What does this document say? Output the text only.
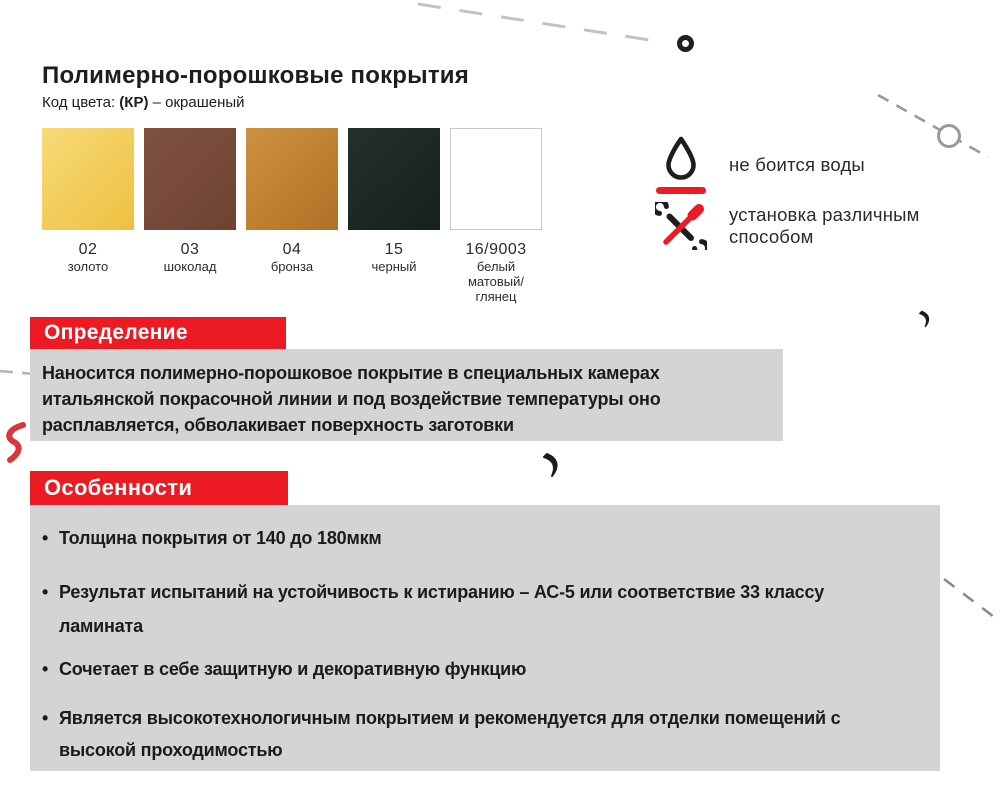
Полимерно-порошковые покрытия

Код цвета: (КР) – окрашеный

02
золото
03
шоколад
04
бронза
15
черный
16/9003
белый
матовый/глянец
не боится воды
установка различным способом
Определение
Наносится полимерно-порошковое покрытие в специальных камерах итальянской покрасочной линии и под воздействие температуры оно расплавляется, обволакивает поверхность заготовки
Особенности
• Толщина покрытия от 140 до 180мкм
• Результат испытаний на устойчивость к истиранию – АС-5 или соответствие 33 классу ламината
• Сочетает в себе защитную и декоративную функцию
• Является высокотехнологичным покрытием и рекомендуется для отделки помещений с высокой проходимостью
